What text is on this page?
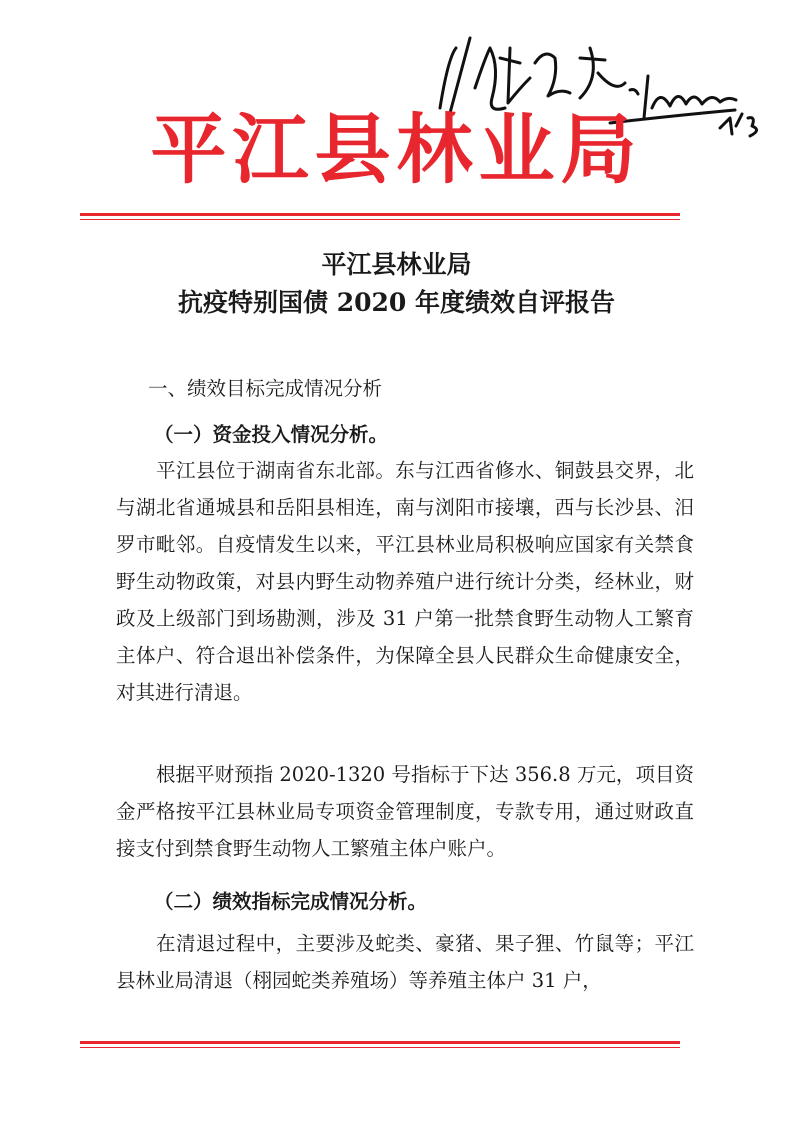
平江县林业局
平江县林业局
抗疫特别国债 2020 年度绩效自评报告
一、绩效目标完成情况分析
（一）资金投入情况分析。

平江县位于湖南省东北部。东与江西省修水、铜鼓县交界，北与湖北省通城县和岳阳县相连，南与浏阳市接壤，西与长沙县、汨罗市毗邻。自疫情发生以来，平江县林业局积极响应国家有关禁食野生动物政策，对县内野生动物养殖户进行统计分类，经林业，财政及上级部门到场勘测，涉及 31 户第一批禁食野生动物人工繁育主体户、符合退出补偿条件，为保障全县人民群众生命健康安全，对其进行清退。

根据平财预指 2020-1320 号指标于下达 356.8 万元，项目资金严格按平江县林业局专项资金管理制度，专款专用，通过财政直接支付到禁食野生动物人工繁殖主体户账户。

（二）绩效指标完成情况分析。

在清退过程中，主要涉及蛇类、豪猪、果子狸、竹鼠等；平江县林业局清退（栩园蛇类养殖场）等养殖主体户 31 户，
